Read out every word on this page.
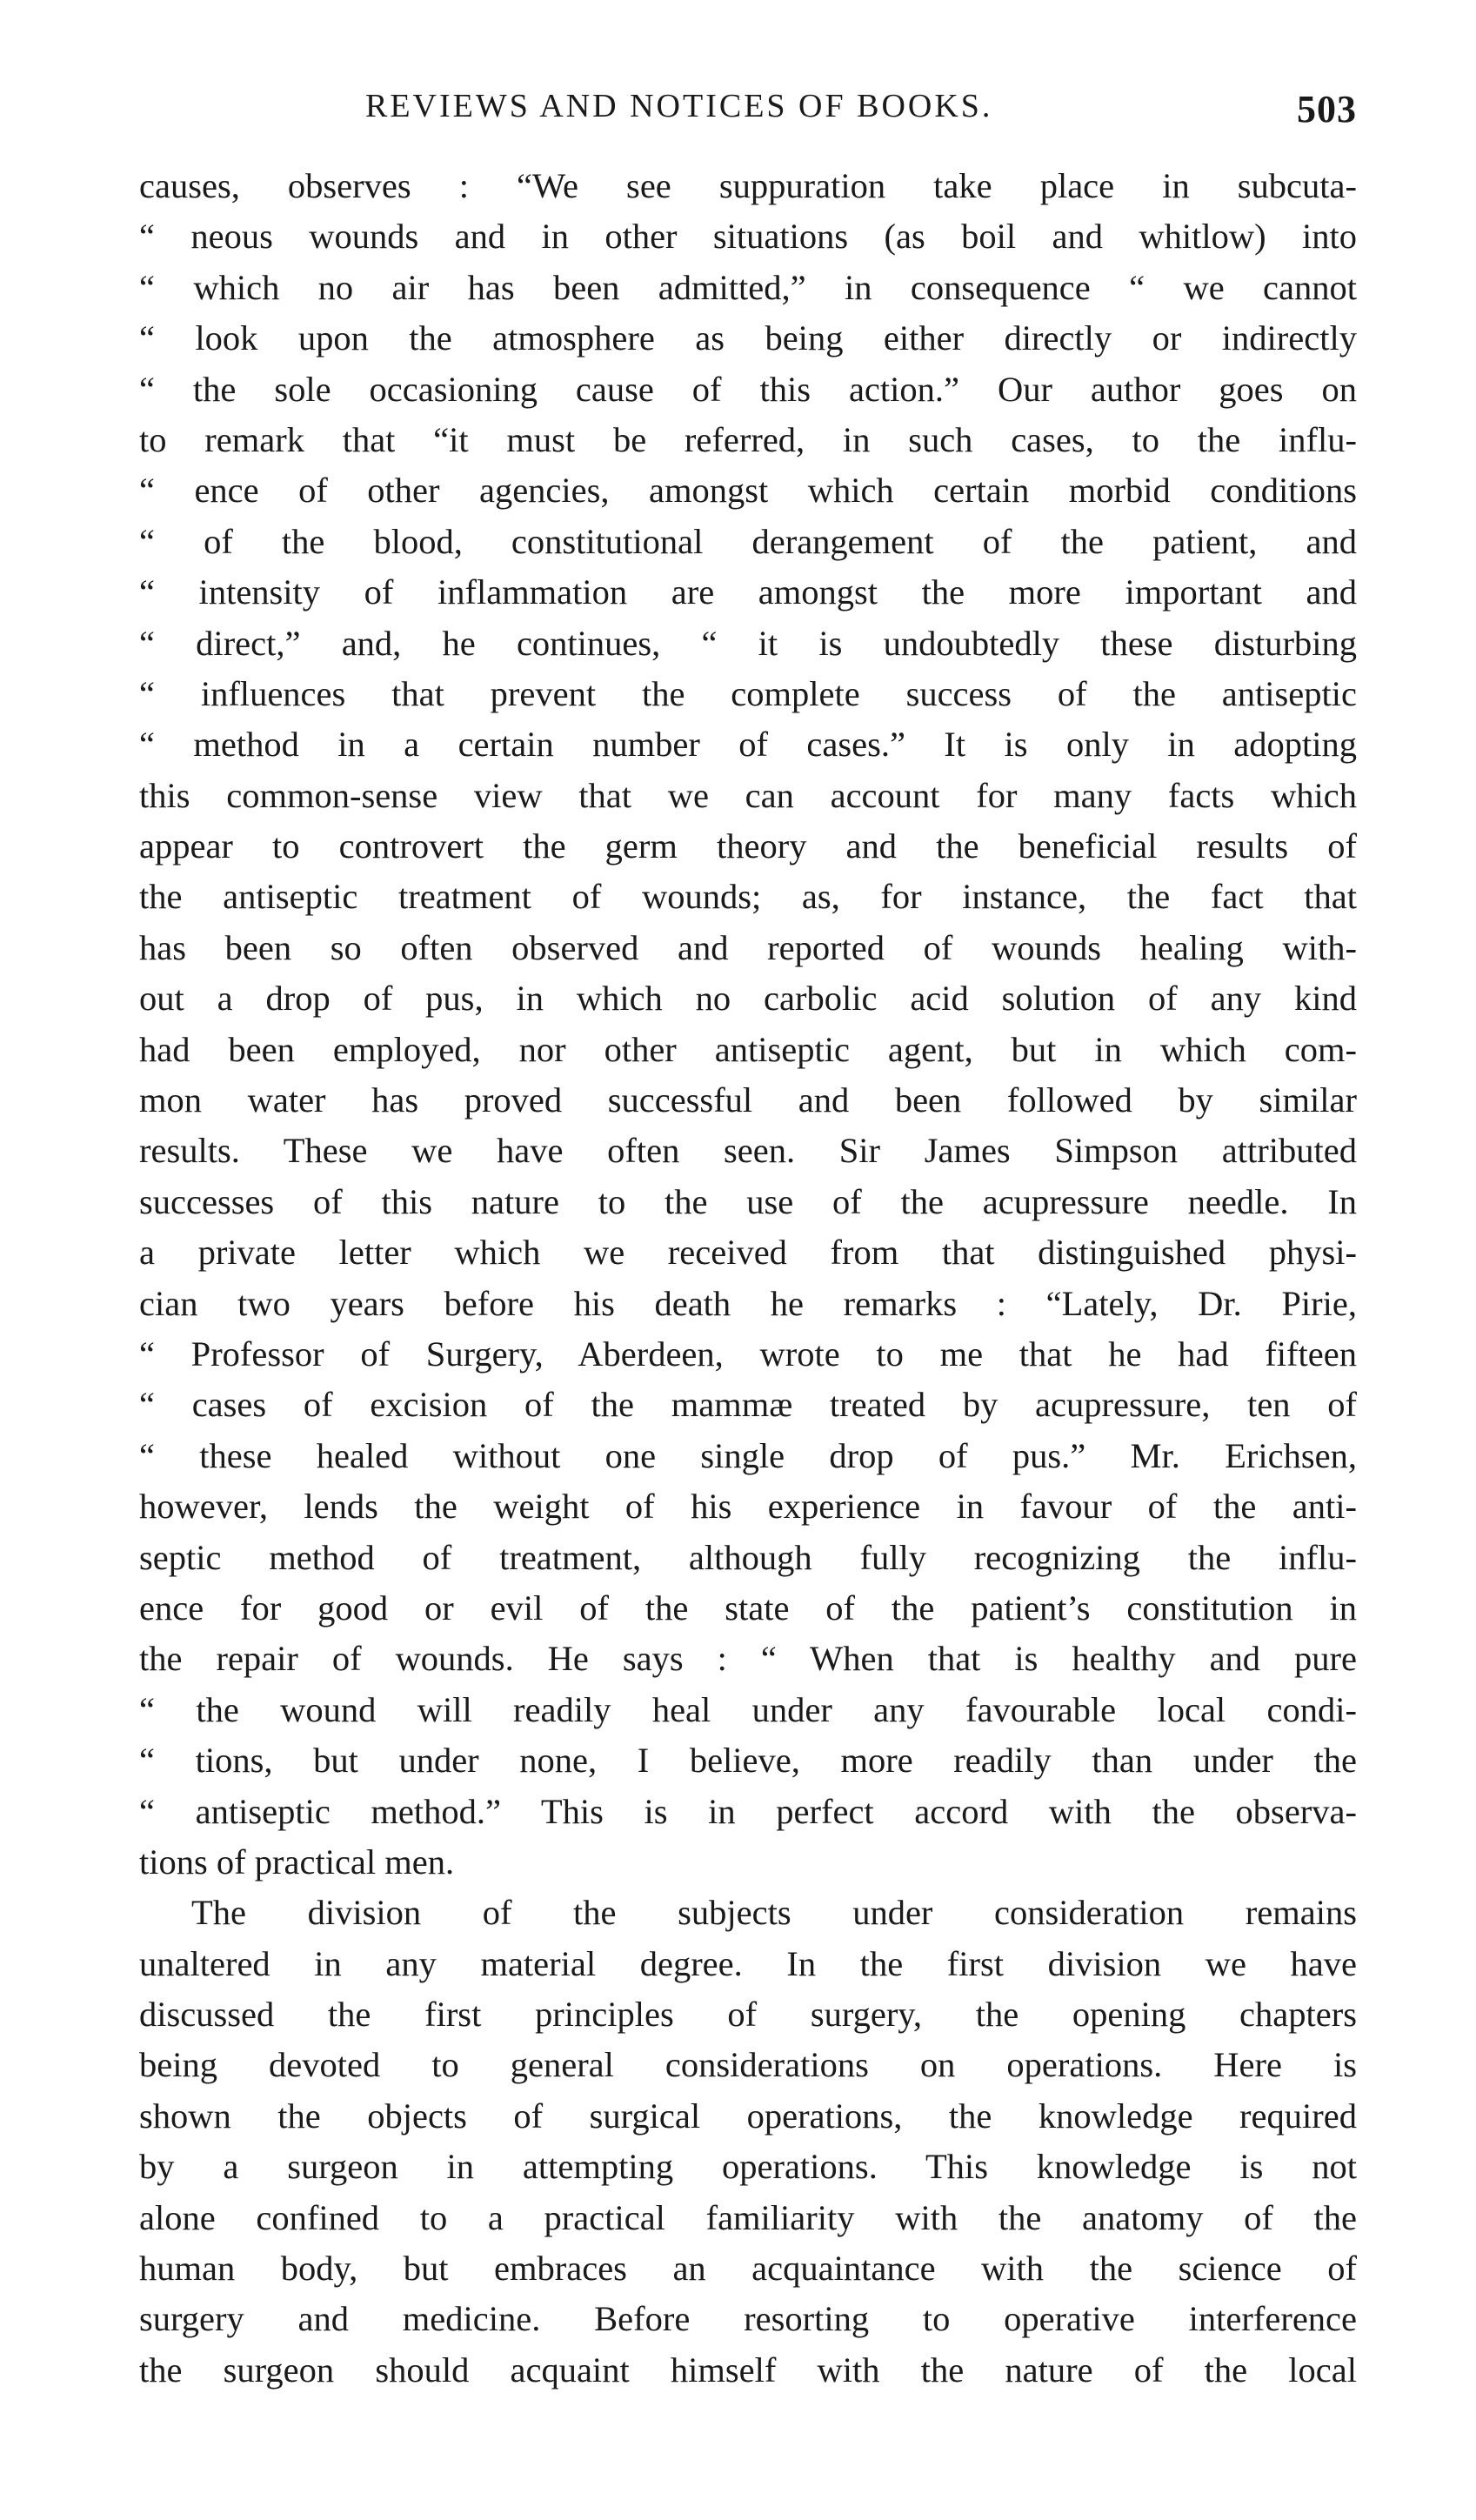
REVIEWS AND NOTICES OF BOOKS.	503
causes, observes : “We see suppuration take place in subcuta-
“ neous wounds and in other situations (as boil and whitlow) into
“ which no air has been admitted,” in consequence “ we cannot
“ look upon the atmosphere as being either directly or indirectly
“ the sole occasioning cause of this action.” Our author goes on
to remark that “it must be referred, in such cases, to the influ-
“ ence of other agencies, amongst which certain morbid conditions
“ of the blood, constitutional derangement of the patient, and
“ intensity of inflammation are amongst the more important and
“ direct,” and, he continues, “ it is undoubtedly these disturbing
“ influences that prevent the complete success of the antiseptic
“ method in a certain number of cases.” It is only in adopting
this common-sense view that we can account for many facts which
appear to controvert the germ theory and the beneficial results of
the antiseptic treatment of wounds; as, for instance, the fact that
has been so often observed and reported of wounds healing with-
out a drop of pus, in which no carbolic acid solution of any kind
had been employed, nor other antiseptic agent, but in which com-
mon water has proved successful and been followed by similar
results. These we have often seen. Sir James Simpson attributed
successes of this nature to the use of the acupressure needle. In
a private letter which we received from that distinguished physi-
cian two years before his death he remarks : “Lately, Dr. Pirie,
“ Professor of Surgery, Aberdeen, wrote to me that he had fifteen
“ cases of excision of the mammæ treated by acupressure, ten of
“ these healed without one single drop of pus.” Mr. Erichsen,
however, lends the weight of his experience in favour of the anti-
septic method of treatment, although fully recognizing the influ-
ence for good or evil of the state of the patient’s constitution in
the repair of wounds. He says : “ When that is healthy and pure
“ the wound will readily heal under any favourable local condi-
“ tions, but under none, I believe, more readily than under the
“ antiseptic method.” This is in perfect accord with the observa-
tions of practical men.
The division of the subjects under consideration remains
unaltered in any material degree. In the first division we have
discussed the first principles of surgery, the opening chapters
being devoted to general considerations on operations. Here is
shown the objects of surgical operations, the knowledge required
by a surgeon in attempting operations. This knowledge is not
alone confined to a practical familiarity with the anatomy of the
human body, but embraces an acquaintance with the science of
surgery and medicine. Before resorting to operative interference
the surgeon should acquaint himself with the nature of the local
